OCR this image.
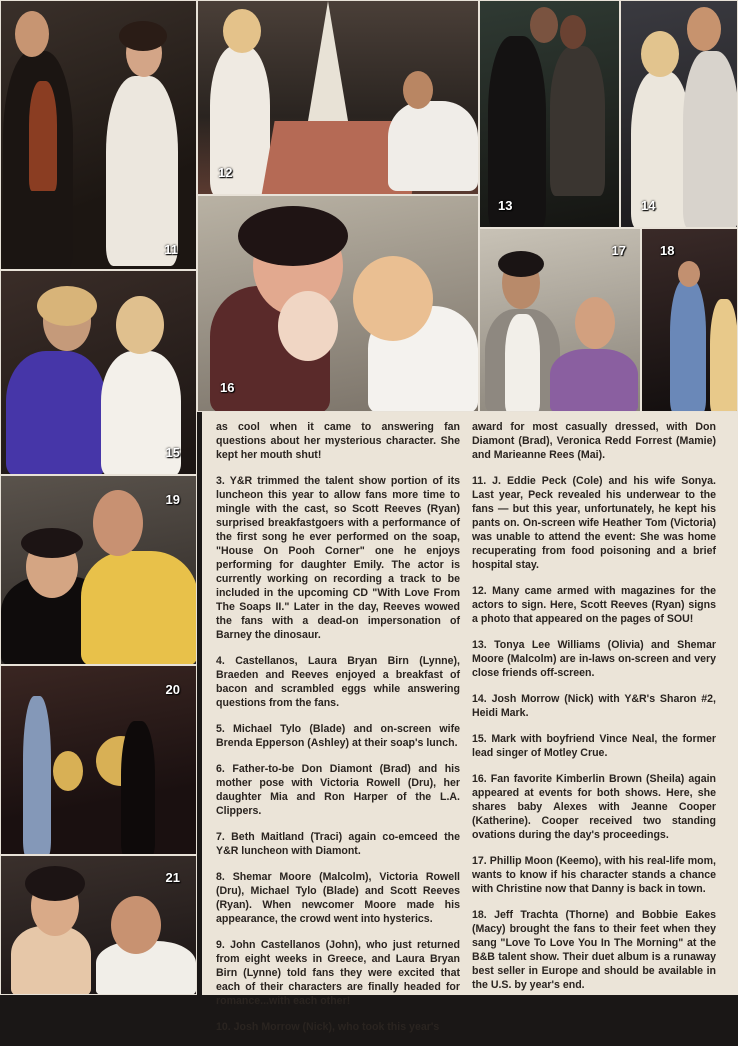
11
12
13	14
15
16
17	18
19
20
21

as cool when it came to answering fan questions about her mysterious character. She kept her mouth shut!

3. Y&R trimmed the talent show portion of its luncheon this year to allow fans more time to mingle with the cast, so Scott Reeves (Ryan) surprised breakfastgoers with a performance of the first song he ever performed on the soap, "House On Pooh Corner" one he enjoys performing for daughter Emily. The actor is currently working on recording a track to be included in the upcoming CD "With Love From The Soaps II." Later in the day, Reeves wowed the fans with a dead-on impersonation of Barney the dinosaur.

4. Castellanos, Laura Bryan Birn (Lynne), Braeden and Reeves enjoyed a breakfast of bacon and scrambled eggs while answering questions from the fans.

5. Michael Tylo (Blade) and on-screen wife Brenda Epperson (Ashley) at their soap's lunch.

6. Father-to-be Don Diamont (Brad) and his mother pose with Victoria Rowell (Dru), her daughter Mia and Ron Harper of the L.A. Clippers.

7. Beth Maitland (Traci) again co-emceed the Y&R luncheon with Diamont.

8. Shemar Moore (Malcolm), Victoria Rowell (Dru), Michael Tylo (Blade) and Scott Reeves (Ryan). When newcomer Moore made his appearance, the crowd went into hysterics.

9. John Castellanos (John), who just returned from eight weeks in Greece, and Laura Bryan Birn (Lynne) told fans they were excited that each of their characters are finally headed for romance...with each other!

10. Josh Morrow (Nick), who took this year's

award for most casually dressed, with Don Diamont (Brad), Veronica Redd Forrest (Mamie) and Marieanne Rees (Mai).

11. J. Eddie Peck (Cole) and his wife Sonya. Last year, Peck revealed his underwear to the fans — but this year, unfortunately, he kept his pants on. On-screen wife Heather Tom (Victoria) was unable to attend the event: She was home recuperating from food poisoning and a brief hospital stay.

12. Many came armed with magazines for the actors to sign. Here, Scott Reeves (Ryan) signs a photo that appeared on the pages of SOU!

13. Tonya Lee Williams (Olivia) and Shemar Moore (Malcolm) are in-laws on-screen and very close friends off-screen.

14. Josh Morrow (Nick) with Y&R's Sharon #2, Heidi Mark.

15. Mark with boyfriend Vince Neal, the former lead singer of Motley Crue.

16. Fan favorite Kimberlin Brown (Sheila) again appeared at events for both shows. Here, she shares baby Alexes with Jeanne Cooper (Katherine). Cooper received two standing ovations during the day's proceedings.

17. Phillip Moon (Keemo), with his real-life mom, wants to know if his character stands a chance with Christine now that Danny is back in town.

18. Jeff Trachta (Thorne) and Bobbie Eakes (Macy) brought the fans to their feet when they sang "Love To Love You In The Morning" at the B&B talent show. Their duet album is a runaway best seller in Europe and should be available in the U.S. by year's end.
